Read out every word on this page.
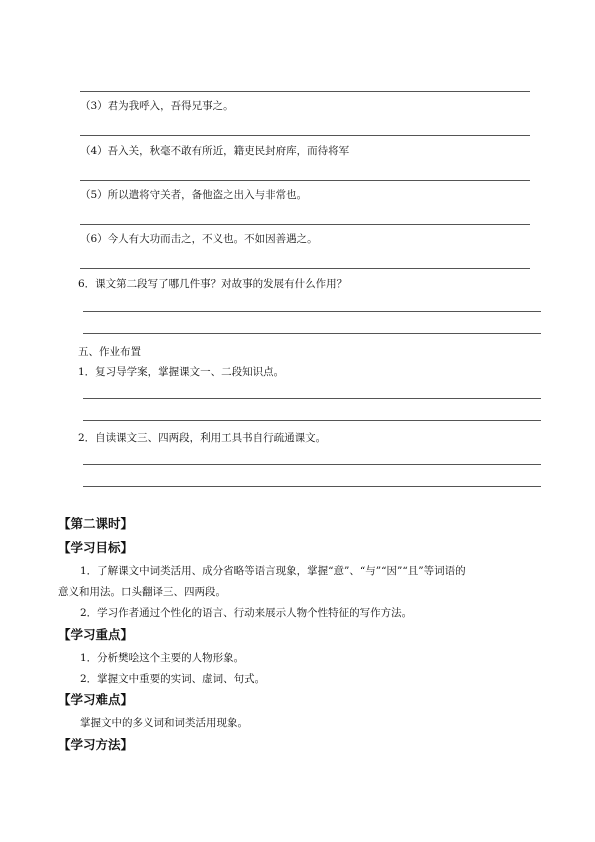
（3）君为我呼入，吾得兄事之。
（4）吾入关，秋毫不敢有所近，籍吏民封府库，而待将军
（5）所以遣将守关者，备他盗之出入与非常也。
（6）今人有大功而击之，不义也。不如因善遇之。
6．课文第二段写了哪几件事？对故事的发展有什么作用？
五、作业布置
1．复习导学案，掌握课文一、二段知识点。
2．自读课文三、四两段，利用工具书自行疏通课文。
【第二课时】
【学习目标】
1．了解课文中词类活用、成分省略等语言现象，掌握“意”、“与”“因”“且”等词语的
意义和用法。口头翻译三、四两段。
2．学习作者通过个性化的语言、行动来展示人物个性特征的写作方法。
【学习重点】
1．分析樊哙这个主要的人物形象。
2．掌握文中重要的实词、虚词、句式。
【学习难点】
掌握文中的多义词和词类活用现象。
【学习方法】
